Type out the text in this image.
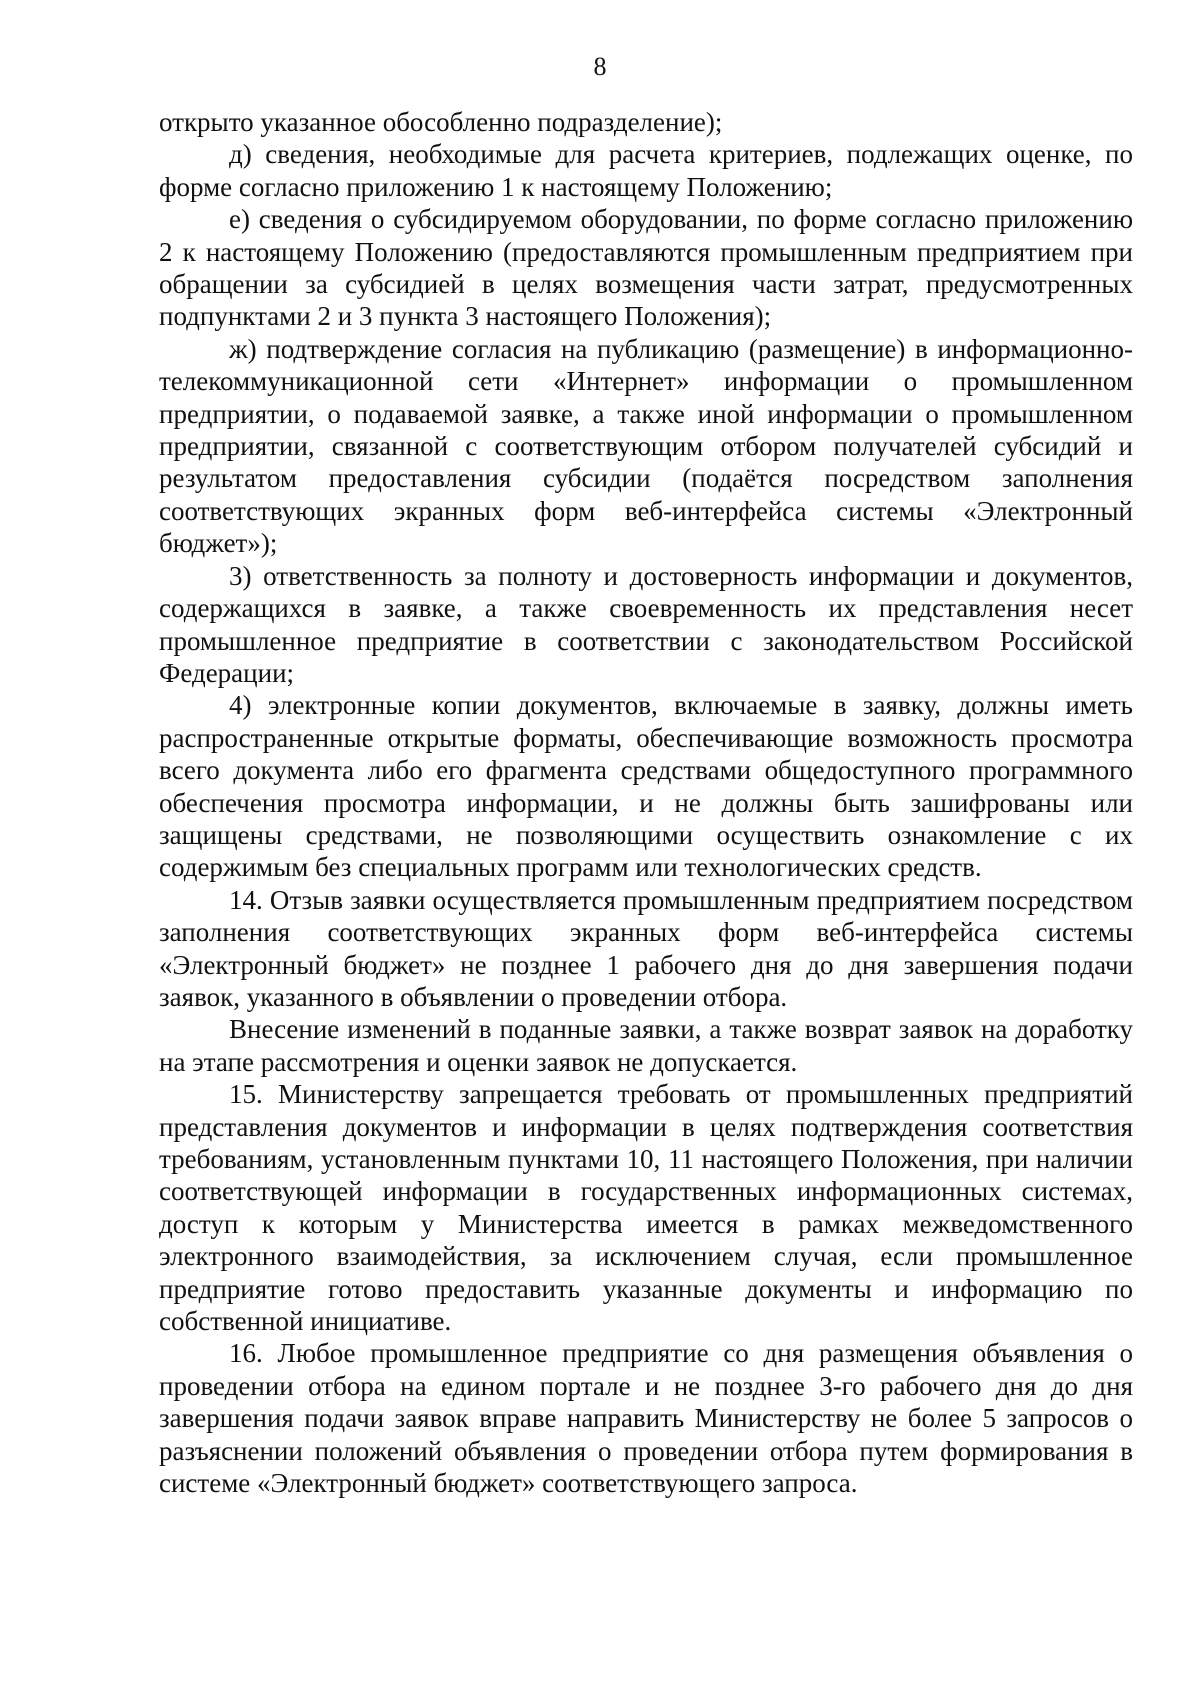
8

открыто указанное обособленно подразделение);

д) сведения, необходимые для расчета критериев, подлежащих оценке, по форме согласно приложению 1 к настоящему Положению;

е) сведения о субсидируемом оборудовании, по форме согласно приложению 2 к настоящему Положению (предоставляются промышленным предприятием при обращении за субсидией в целях возмещения части затрат, предусмотренных подпунктами 2 и 3 пункта 3 настоящего Положения);

ж) подтверждение согласия на публикацию (размещение) в информационно-телекоммуникационной сети «Интернет» информации о промышленном предприятии, о подаваемой заявке, а также иной информации о промышленном предприятии, связанной с соответствующим отбором получателей субсидий и результатом предоставления субсидии (подаётся посредством заполнения соответствующих экранных форм веб-интерфейса системы «Электронный бюджет»);

3) ответственность за полноту и достоверность информации и документов, содержащихся в заявке, а также своевременность их представления несет промышленное предприятие в соответствии с законодательством Российской Федерации;

4) электронные копии документов, включаемые в заявку, должны иметь распространенные открытые форматы, обеспечивающие возможность просмотра всего документа либо его фрагмента средствами общедоступного программного обеспечения просмотра информации, и не должны быть зашифрованы или защищены средствами, не позволяющими осуществить ознакомление с их содержимым без специальных программ или технологических средств.

14. Отзыв заявки осуществляется промышленным предприятием посредством заполнения соответствующих экранных форм веб-интерфейса системы «Электронный бюджет» не позднее 1 рабочего дня до дня завершения подачи заявок, указанного в объявлении о проведении отбора.

Внесение изменений в поданные заявки, а также возврат заявок на доработку на этапе рассмотрения и оценки заявок не допускается.

15. Министерству запрещается требовать от промышленных предприятий представления документов и информации в целях подтверждения соответствия требованиям, установленным пунктами 10, 11 настоящего Положения, при наличии соответствующей информации в государственных информационных системах, доступ к которым у Министерства имеется в рамках межведомственного электронного взаимодействия, за исключением случая, если промышленное предприятие готово предоставить указанные документы и информацию по собственной инициативе.

16. Любое промышленное предприятие со дня размещения объявления о проведении отбора на едином портале и не позднее 3-го рабочего дня до дня завершения подачи заявок вправе направить Министерству не более 5 запросов о разъяснении положений объявления о проведении отбора путем формирования в системе «Электронный бюджет» соответствующего запроса.
